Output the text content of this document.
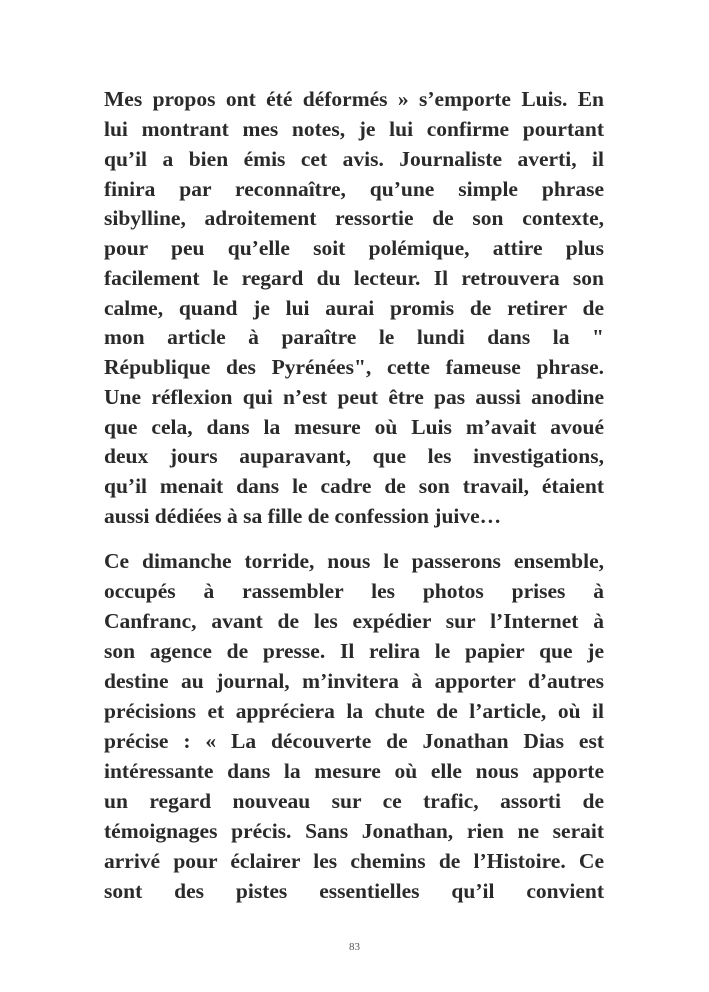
Mes propos ont été déformés » s’emporte Luis. En
lui montrant mes notes, je lui confirme pourtant
qu’il a bien émis cet avis. Journaliste averti, il
finira par reconnaître, qu’une simple phrase
sibylline, adroitement ressortie de son contexte,
pour peu qu’elle soit polémique, attire plus
facilement le regard du lecteur. Il retrouvera son
calme, quand je lui aurai promis de retirer de
mon article à paraître le lundi dans la "
République des Pyrénées", cette fameuse phrase.
Une réflexion qui n’est peut être pas aussi anodine
que cela, dans la mesure où Luis m’avait avoué
deux jours auparavant, que les investigations,
qu’il menait dans le cadre de son travail, étaient
aussi dédiées à sa fille de confession juive…
Ce dimanche torride, nous le passerons ensemble,
occupés à rassembler les photos prises à
Canfranc, avant de les expédier sur l’Internet à
son agence de presse. Il relira le papier que je
destine au journal, m’invitera à apporter d’autres
précisions et appréciera la chute de l’article, où il
précise : « La découverte de Jonathan Dias est
intéressante dans la mesure où elle nous apporte
un regard nouveau sur ce trafic, assorti de
témoignages précis. Sans Jonathan, rien ne serait
arrivé pour éclairer les chemins de l’Histoire. Ce
sont des pistes essentielles qu’il convient
83
